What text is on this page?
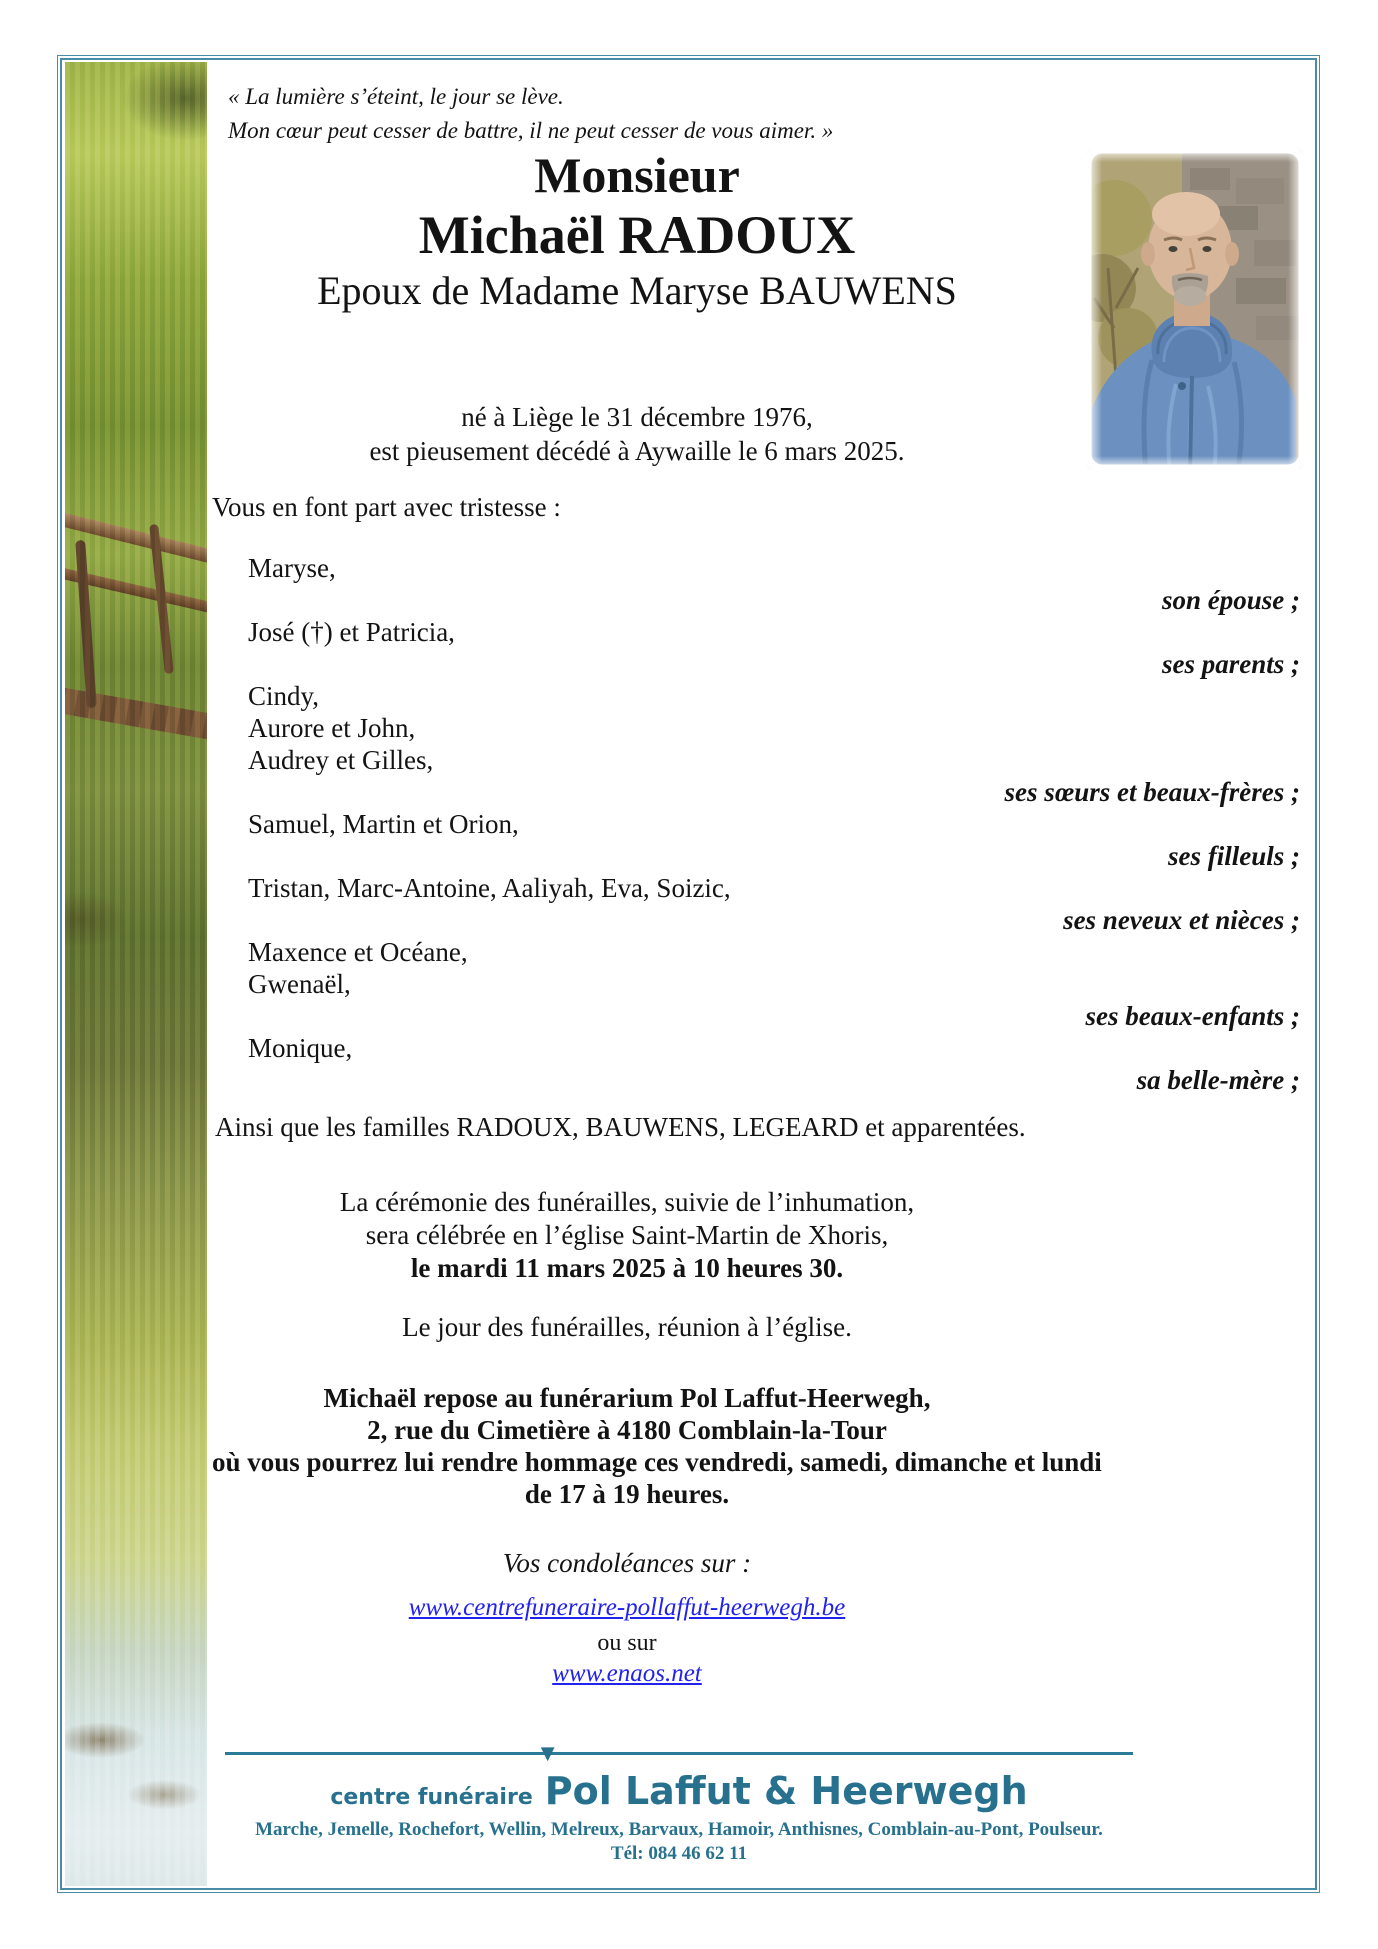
« La lumière s’éteint, le jour se lève.
Mon cœur peut cesser de battre, il ne peut cesser de vous aimer. »
Monsieur
Michaël RADOUX
Epoux de Madame Maryse BAUWENS
né à Liège le 31 décembre 1976,
est pieusement décédé à Aywaille le 6 mars 2025.
Vous en font part avec tristesse :
Maryse,
son épouse ;
José (†) et Patricia,
ses parents ;
Cindy,
Aurore et John,
Audrey et Gilles,
ses sœurs et beaux-frères ;
Samuel, Martin et Orion,
ses filleuls ;
Tristan, Marc-Antoine, Aaliyah, Eva, Soizic,
ses neveux et nièces ;
Maxence et Océane,
Gwenaël,
ses beaux-enfants ;
Monique,
sa belle-mère ;
Ainsi que les familles RADOUX, BAUWENS, LEGEARD et apparentées.
La cérémonie des funérailles, suivie de l’inhumation,
sera célébrée en l’église Saint-Martin de Xhoris,
le mardi 11 mars 2025 à 10 heures 30.
Le jour des funérailles, réunion à l’église.
Michaël repose au funérarium Pol Laffut-Heerwegh,
2, rue du Cimetière à 4180 Comblain-la-Tour
où vous pourrez lui rendre hommage ces vendredi, samedi, dimanche et lundi
de 17 à 19 heures.
Vos condoléances sur :
www.centrefuneraire-pollaffut-heerwegh.be
ou sur
www.enaos.net
centre funéraire
▼
Pol Laffut & Heerwegh
Marche, Jemelle, Rochefort, Wellin, Melreux, Barvaux, Hamoir, Anthisnes, Comblain-au-Pont, Poulseur.
Tél: 084 46 62 11
